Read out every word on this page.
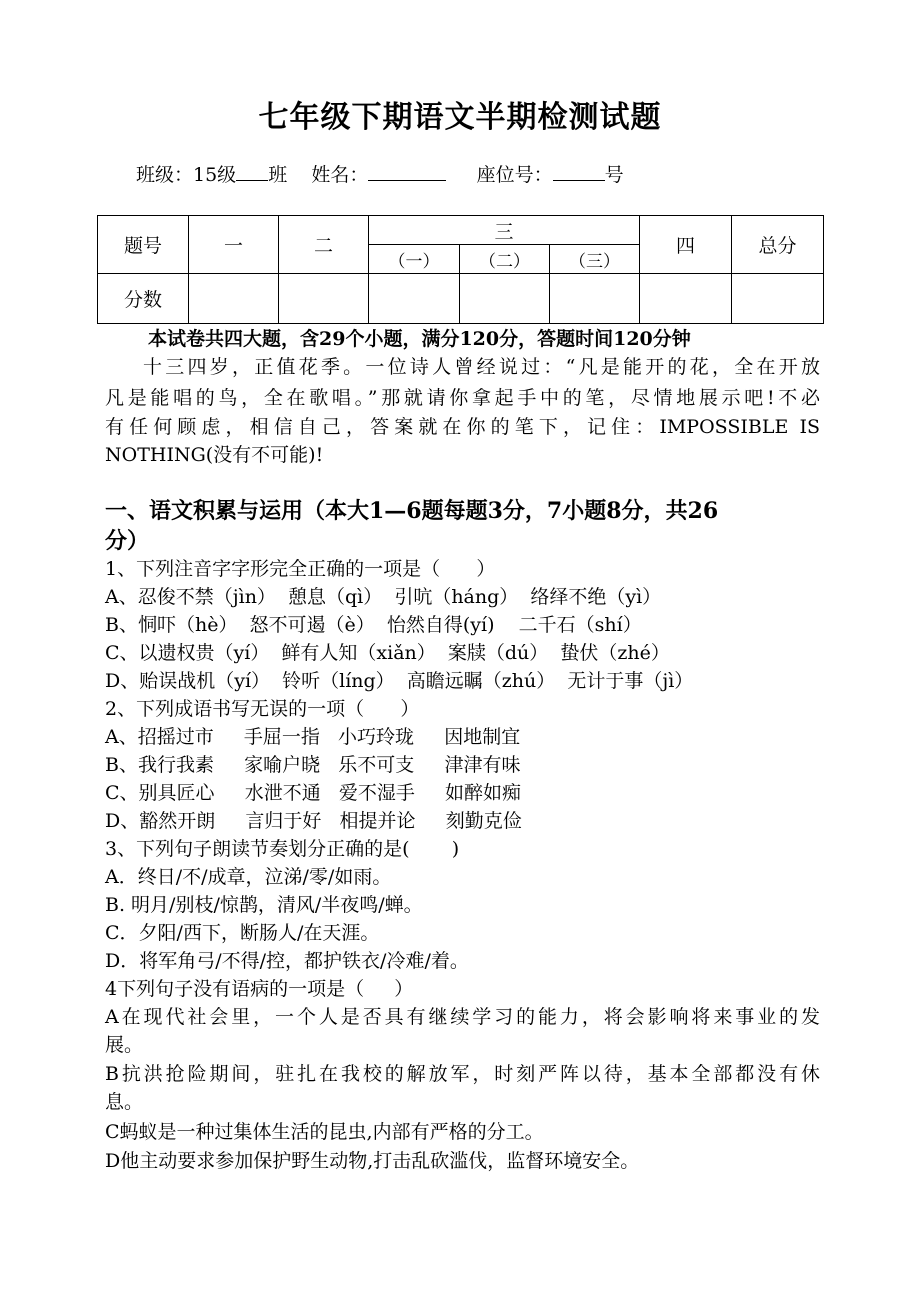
七年级下期语文半期检测试题
班级：15级 班 姓名：	座位号：	号
题号	一	二	三			四	总分
			（一）	（二）	（三）		
分数							
本试卷共四大题，含29个小题，满分120分，答题时间120分钟
十三四岁，正值花季。一位诗人曾经说过：“凡是能开的花，全在开放
凡是能唱的鸟，全在歌唱。”那就请你拿起手中的笔，尽情地展示吧!不必
有任何顾虑，相信自己，答案就在你的笔下，记住：IMPOSSIBLE IS
NOTHING(没有不可能)!
一、语文积累与运用（本大1—6题每题3分，7小题8分，共26
分）
1、下列注音字字形完全正确的一项是（      ）
A、忍俊不禁（jìn）  憩息（qì）  引吭（háng）  络绎不绝（yì）
B、恫吓（hè）  怒不可遏（è）  怡然自得(yí)    二千石（shí）
C、以遗权贵（yí）  鲜有人知（xiǎn）  案牍（dú）  蛰伏（zhé）
D、贻误战机（yí）  铃听（líng）  高瞻远瞩（zhú）  无计于事（jì）
2、下列成语书写无误的一项（      ）
A、招摇过市     手屈一指   小巧玲珑     因地制宜
B、我行我素     家喻户晓   乐不可支     津津有味
C、别具匠心     水泄不通   爱不湿手     如醉如痴
D、豁然开朗     言归于好   相提并论     刻勤克俭
3、下列句子朗读节奏划分正确的是(       )
A．终日/不/成章，泣涕/零/如雨。
B. 明月/别枝/惊鹊，清风/半夜鸣/蝉。
C．夕阳/西下，断肠人/在天涯。
D．将军角弓/不得/控，都护铁衣/冷难/着。
4下列句子没有语病的一项是（     ）
A在现代社会里，一个人是否具有继续学习的能力，将会影响将来事业的发
展。
B抗洪抢险期间，驻扎在我校的解放军，时刻严阵以待，基本全部都没有休
息。
C蚂蚁是一种过集体生活的昆虫,内部有严格的分工。
D他主动要求参加保护野生动物,打击乱砍滥伐，监督环境安全。
